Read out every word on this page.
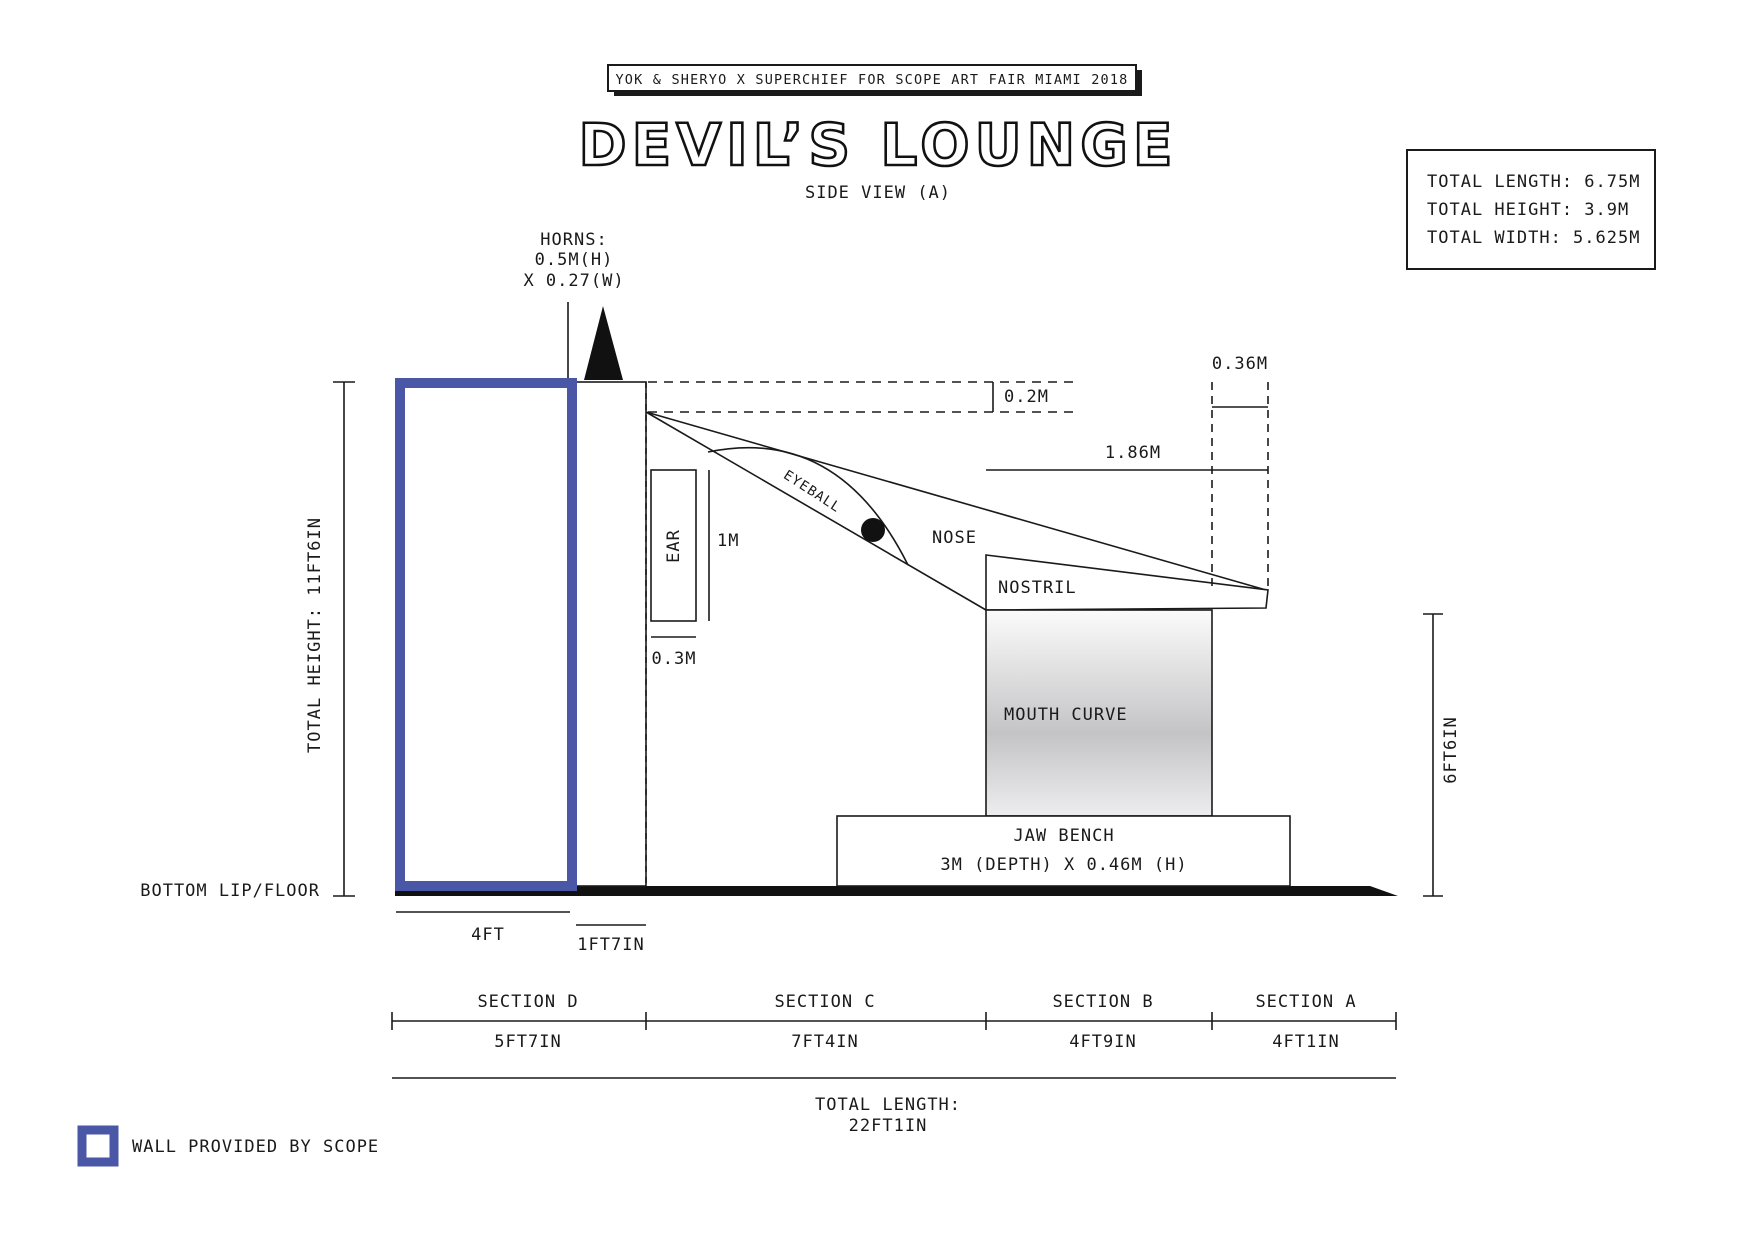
YOK & SHERYO X SUPERCHIEF FOR SCOPE ART FAIR MIAMI 2018
DEVIL’S LOUNGE
SIDE VIEW (A)
TOTAL LENGTH: 6.75M
TOTAL HEIGHT: 3.9M
TOTAL WIDTH: 5.625M
HORNS:
0.5M(H)
X 0.27(W)
TOTAL HEIGHT: 11FT6IN
BOTTOM LIP/FLOOR
4FT	1FT7IN
0.2M
EAR 1M
0.3M
NOSE
EYEBALL
NOSTRIL
0.36M
1.86M
MOUTH CURVE
JAW BENCH
3M (DEPTH) X 0.46M (H)
6FT6IN
SECTION D
5FT7IN
SECTION C
7FT4IN
SECTION B
4FT9IN
SECTION A
4FT1IN
TOTAL LENGTH:
22FT1IN
WALL PROVIDED BY SCOPE
